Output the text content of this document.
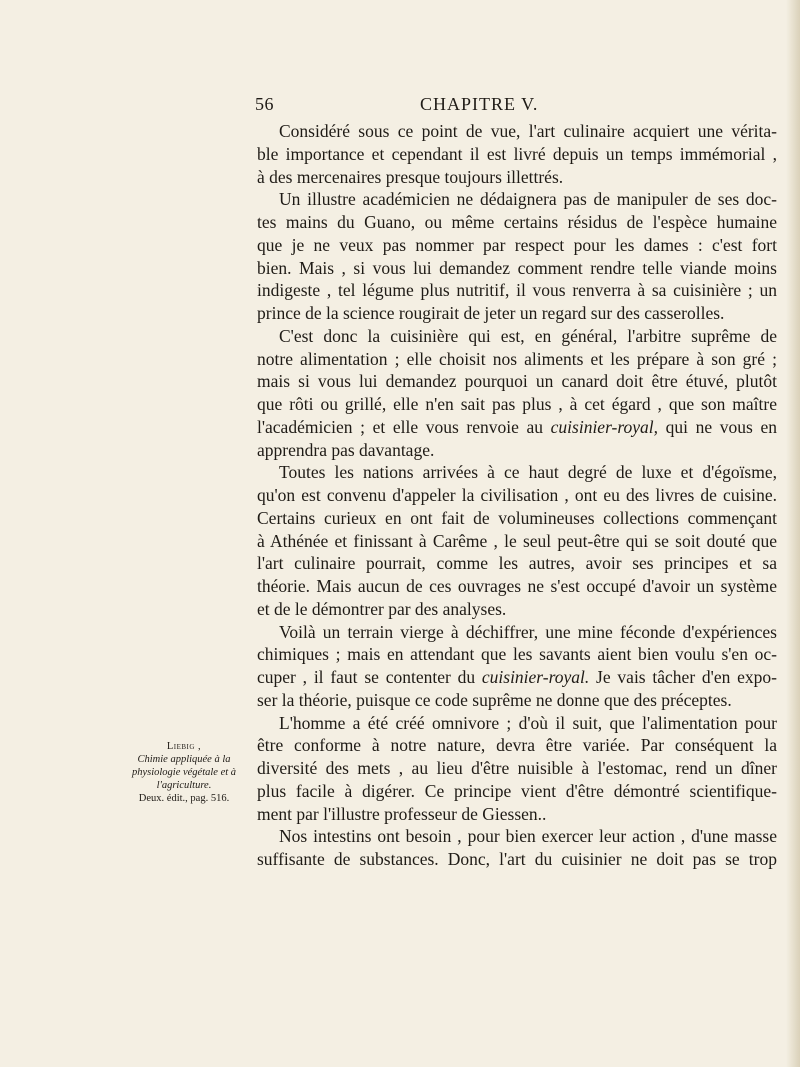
56	CHAPITRE V.
Considéré sous ce point de vue, l'art culinaire acquiert une vérita-
ble importance et cependant il est livré depuis un temps immémorial ,
à des mercenaires presque toujours illettrés.
Un illustre académicien ne dédaignera pas de manipuler de ses doc-
tes mains du Guano, ou même certains résidus de l'espèce humaine
que je ne veux pas nommer par respect pour les dames : c'est fort
bien. Mais , si vous lui demandez comment rendre telle viande moins
indigeste , tel légume plus nutritif, il vous renverra à sa cuisinière ; un
prince de la science rougirait de jeter un regard sur des casserolles.
C'est donc la cuisinière qui est, en général, l'arbitre suprême de
notre alimentation ; elle choisit nos aliments et les prépare à son gré ;
mais si vous lui demandez pourquoi un canard doit être étuvé, plutôt
que rôti ou grillé, elle n'en sait pas plus , à cet égard , que son maître
l'académicien ; et elle vous renvoie au cuisinier-royal, qui ne vous en
apprendra pas davantage.
Toutes les nations arrivées à ce haut degré de luxe et d'égoïsme,
qu'on est convenu d'appeler la civilisation , ont eu des livres de cuisine.
Certains curieux en ont fait de volumineuses collections commençant
à Athénée et finissant à Carême , le seul peut-être qui se soit douté que
l'art culinaire pourrait, comme les autres, avoir ses principes et sa
théorie. Mais aucun de ces ouvrages ne s'est occupé d'avoir un système
et de le démontrer par des analyses.
Voilà un terrain vierge à déchiffrer, une mine féconde d'expériences
chimiques ; mais en attendant que les savants aient bien voulu s'en oc-
cuper , il faut se contenter du cuisinier-royal. Je vais tâcher d'en expo-
ser la théorie, puisque ce code suprême ne donne que des préceptes.
L'homme a été créé omnivore ; d'où il suit, que l'alimentation pour
être conforme à notre nature, devra être variée. Par conséquent la
diversité des mets , au lieu d'être nuisible à l'estomac, rend un dîner
plus facile à digérer. Ce principe vient d'être démontré scientifique-
ment par l'illustre professeur de Giessen..
Nos intestins ont besoin , pour bien exercer leur action , d'une masse
suffisante de substances. Donc, l'art du cuisinier ne doit pas se trop
Liebig ,
Chimie appliquée à la
physiologie végétale et à
l'agriculture.
Deux. édit., pag. 516.
